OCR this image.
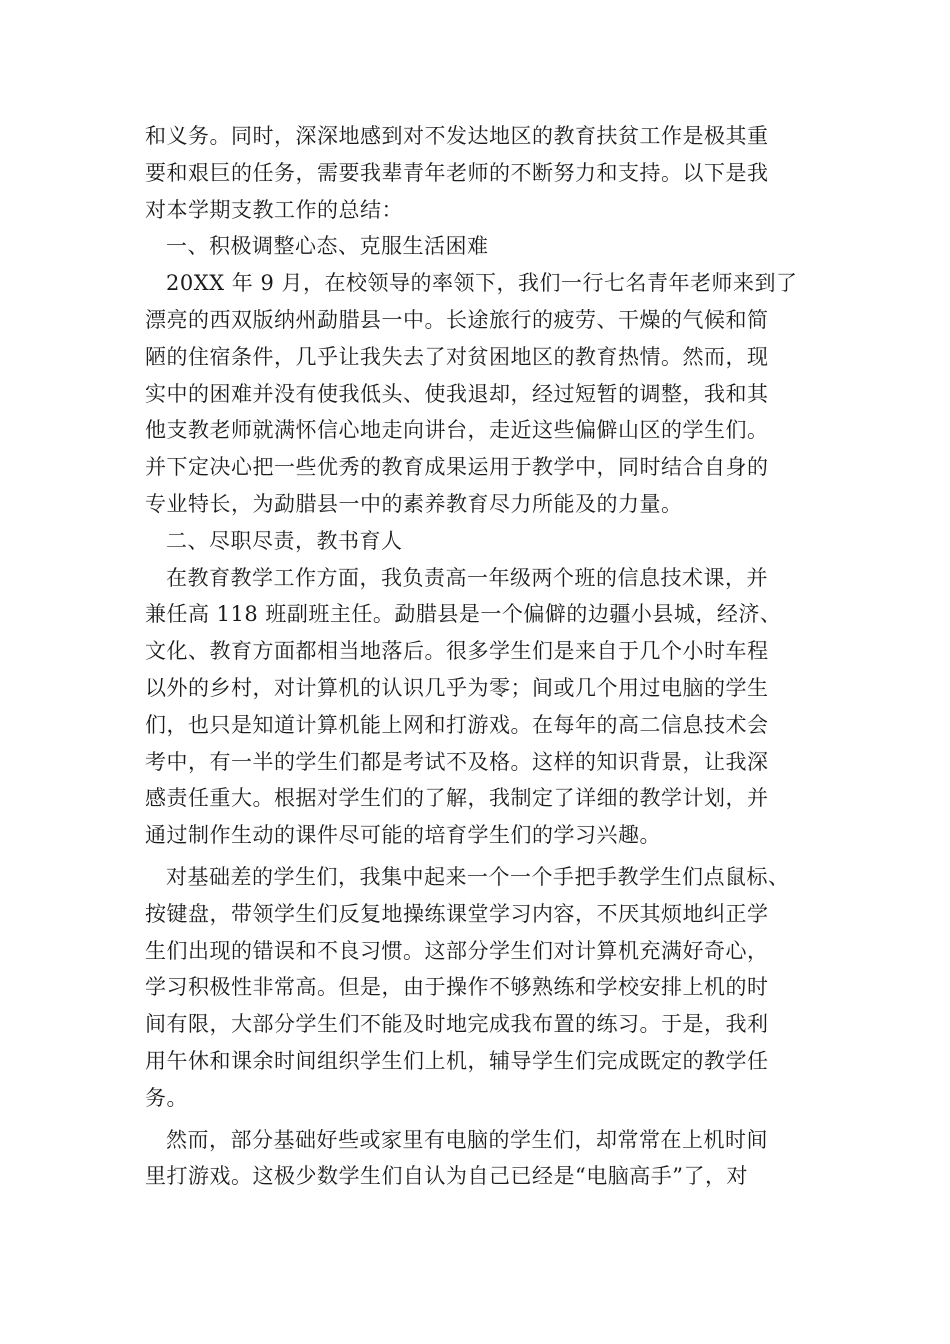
和义务。同时，深深地感到对不发达地区的教育扶贫工作是极其重
要和艰巨的任务，需要我辈青年老师的不断努力和支持。以下是我
对本学期支教工作的总结：
一、积极调整心态、克服生活困难
20XX 年 9 月，在校领导的率领下，我们一行七名青年老师来到了
漂亮的西双版纳州勐腊县一中。长途旅行的疲劳、干燥的气候和简
陋的住宿条件，几乎让我失去了对贫困地区的教育热情。然而，现
实中的困难并没有使我低头、使我退却，经过短暂的调整，我和其
他支教老师就满怀信心地走向讲台，走近这些偏僻山区的学生们。
并下定决心把一些优秀的教育成果运用于教学中，同时结合自身的
专业特长，为勐腊县一中的素养教育尽力所能及的力量。
二、尽职尽责，教书育人
在教育教学工作方面，我负责高一年级两个班的信息技术课，并
兼任高 118 班副班主任。勐腊县是一个偏僻的边疆小县城，经济、
文化、教育方面都相当地落后。很多学生们是来自于几个小时车程
以外的乡村，对计算机的认识几乎为零；间或几个用过电脑的学生
们，也只是知道计算机能上网和打游戏。在每年的高二信息技术会
考中，有一半的学生们都是考试不及格。这样的知识背景，让我深
感责任重大。根据对学生们的了解，我制定了详细的教学计划，并
通过制作生动的课件尽可能的培育学生们的学习兴趣。
对基础差的学生们，我集中起来一个一个手把手教学生们点鼠标、
按键盘，带领学生们反复地操练课堂学习内容，不厌其烦地纠正学
生们出现的错误和不良习惯。这部分学生们对计算机充满好奇心，
学习积极性非常高。但是，由于操作不够熟练和学校安排上机的时
间有限，大部分学生们不能及时地完成我布置的练习。于是，我利
用午休和课余时间组织学生们上机，辅导学生们完成既定的教学任
务。
然而，部分基础好些或家里有电脑的学生们，却常常在上机时间
里打游戏。这极少数学生们自认为自己已经是“电脑高手”了，对
